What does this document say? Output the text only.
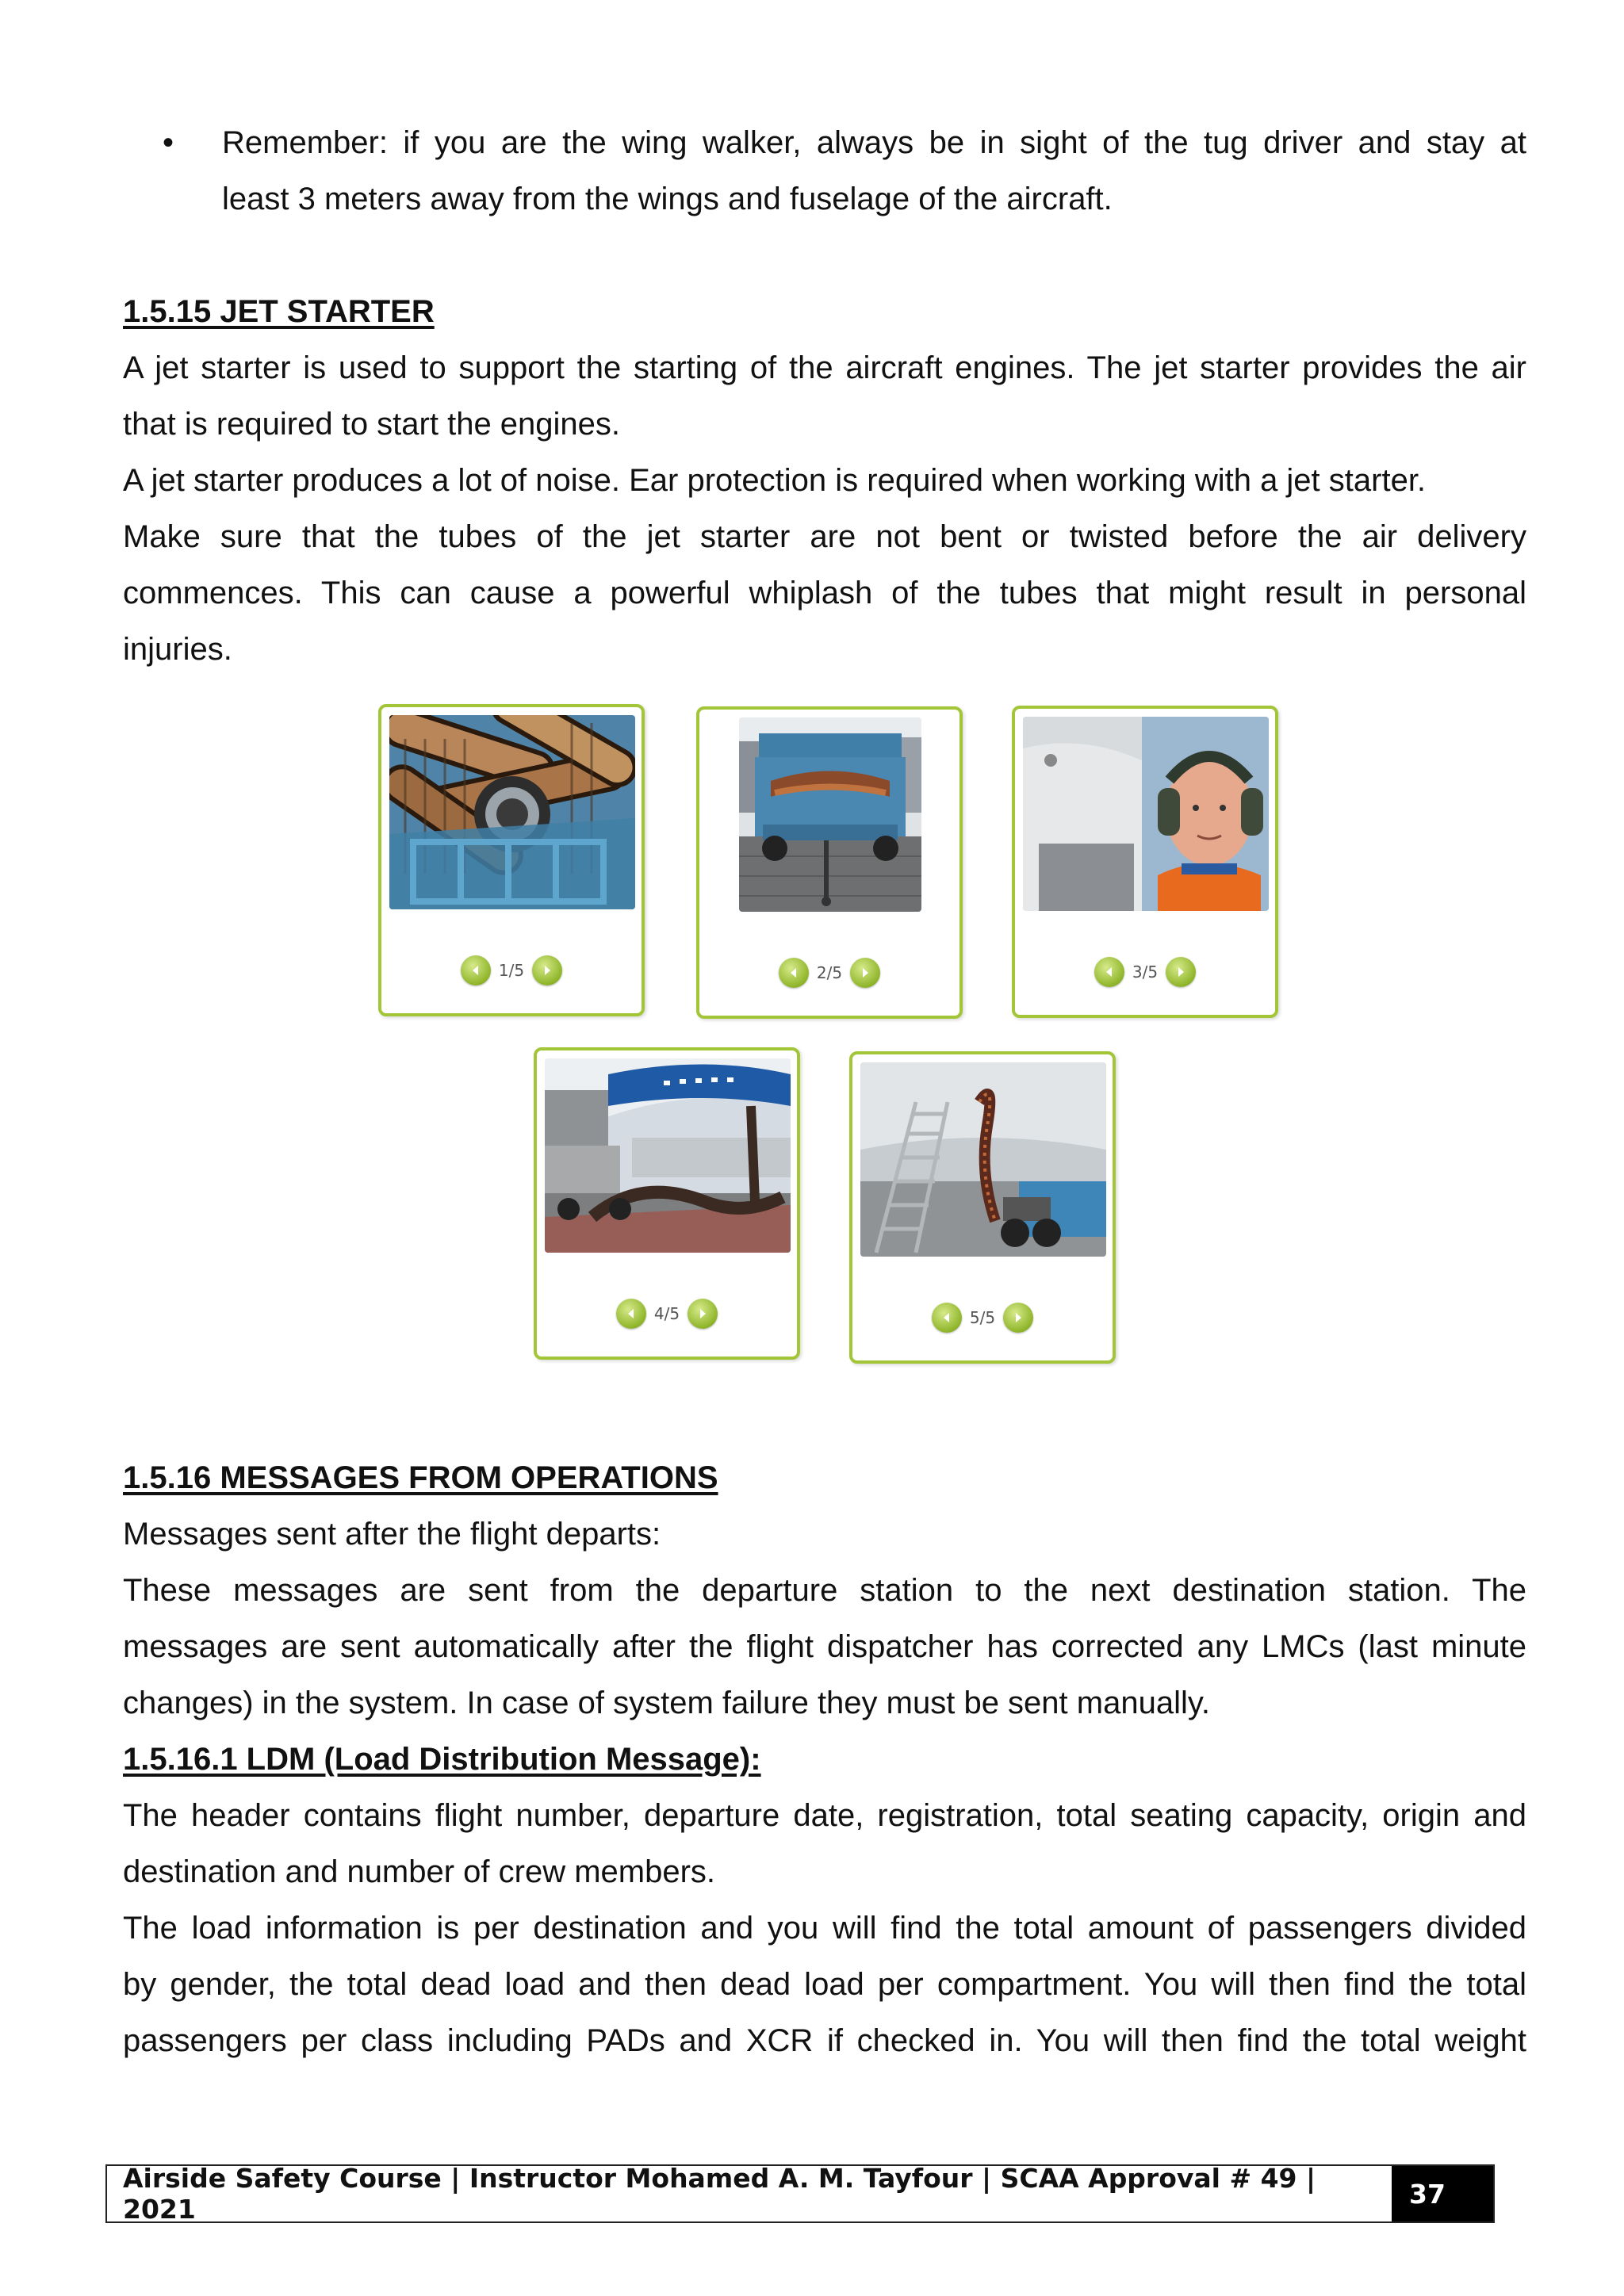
•	Remember: if you are the wing walker, always be in sight of the tug driver and stay at
least 3 meters away from the wings and fuselage of the aircraft.
1.5.15 JET STARTER
A jet starter is used to support the starting of the aircraft engines. The jet starter provides the air
that is required to start the engines.
A jet starter produces a lot of noise. Ear protection is required when working with a jet starter.
Make sure that the tubes of the jet starter are not bent or twisted before the air delivery
commences. This can cause a powerful whiplash of the tubes that might result in personal
injuries.
1/5	2/5	3/5
4/5	5/5
1.5.16 MESSAGES FROM OPERATIONS
Messages sent after the flight departs:
These messages are sent from the departure station to the next destination station. The
messages are sent automatically after the flight dispatcher has corrected any LMCs (last minute
changes) in the system. In case of system failure they must be sent manually.
1.5.16.1 LDM (Load Distribution Message):
The header contains flight number, departure date, registration, total seating capacity, origin and
destination and number of crew members.
The load information is per destination and you will find the total amount of passengers divided
by gender, the total dead load and then dead load per compartment. You will then find the total
passengers per class including PADs and XCR if checked in. You will then find the total weight
Airside Safety Course | Instructor Mohamed A. M. Tayfour | SCAA Approval # 49 | 2021	37
